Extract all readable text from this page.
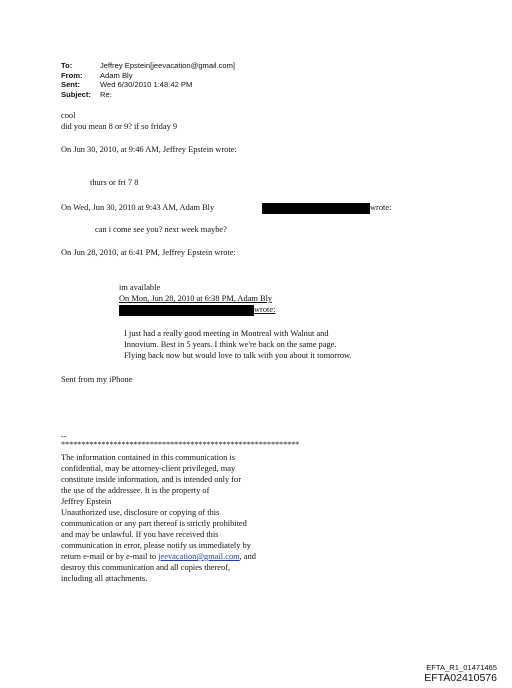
To:	Jeffrey Epstein[jeevacation@gmail.com]
From:	Adam Bly
Sent:	Wed 6/30/2010 1:48:42 PM
Subject:	Re:
cool
did you mean 8 or 9? if so friday 9
On Jun 30, 2010, at 9:46 AM, Jeffrey Epstein wrote:
thurs or fri 7 8
On Wed, Jun 30, 2010 at 9:43 AM, Adam Bly	wrote:
can i come see you? next week maybe?
On Jun 28, 2010, at 6:41 PM, Jeffrey Epstein wrote:
im available
On Mon, Jun 28, 2010 at 6:38 PM, Adam Bly
wrote:
I just had a really good meeting in Montreal with Walnut and
Innovium. Best in 5 years. I think we're back on the same page.
Flying back now but would love to talk with you about it tomorrow.
Sent from my iPhone
--
***********************************************************
The information contained in this communication is
confidential, may be attorney-client privileged, may
constitute inside information, and is intended only for
the use of the addressee. It is the property of
Jeffrey Epstein
Unauthorized use, disclosure or copying of this
communication or any part thereof is strictly prohibited
and may be unlawful. If you have received this
communication in error, please notify us immediately by
return e-mail or by e-mail to jeevacation@gmail.com, and
destroy this communication and all copies thereof,
including all attachments.
EFTA_R1_01471465
EFTA02410576
